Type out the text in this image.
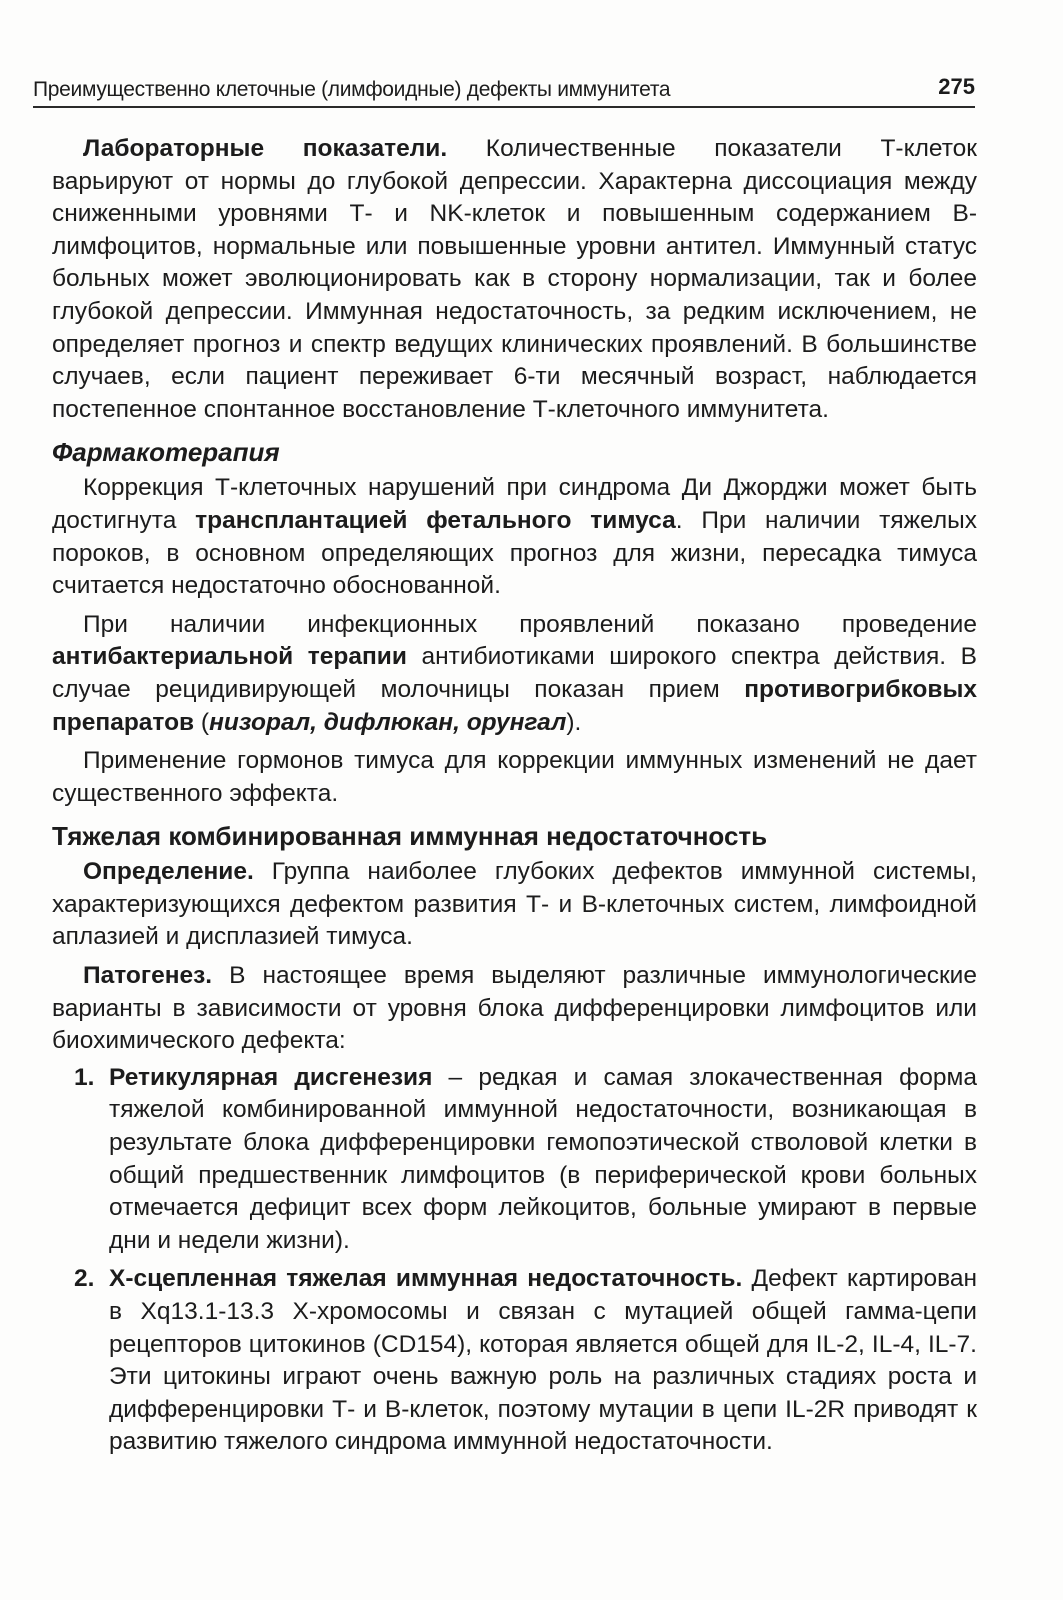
Преимущественно клеточные (лимфоидные) дефекты иммунитета	275

Лабораторные показатели. Количественные показатели Т-клеток варьируют от нормы до глубокой депрессии. Характерна диссоциация между сниженными уровнями Т- и NK-клеток и повышенным содержанием В-лимфоцитов, нормальные или повышенные уровни антител. Иммунный статус больных может эволюционировать как в сторону нормализации, так и более глубокой депрессии. Иммунная недостаточность, за редким исключением, не определяет прогноз и спектр ведущих клинических проявлений. В большинстве случаев, если пациент переживает 6-ти месячный возраст, наблюдается постепенное спонтанное восстановление Т-клеточного иммунитета.

Фармакотерапия

Коррекция Т-клеточных нарушений при синдрома Ди Джорджи может быть достигнута трансплантацией фетального тимуса. При наличии тяжелых пороков, в основном определяющих прогноз для жизни, пересадка тимуса считается недостаточно обоснованной.

При наличии инфекционных проявлений показано проведение антибактериальной терапии антибиотиками широкого спектра действия. В случае рецидивирующей молочницы показан прием противогрибковых препаратов (низорал, дифлюкан, орунгал).

Применение гормонов тимуса для коррекции иммунных изменений не дает существенного эффекта.

Тяжелая комбинированная иммунная недостаточность

Определение. Группа наиболее глубоких дефектов иммунной системы, характеризующихся дефектом развития Т- и В-клеточных систем, лимфоидной аплазией и дисплазией тимуса.

Патогенез. В настоящее время выделяют различные иммунологические варианты в зависимости от уровня блока дифференцировки лимфоцитов или биохимического дефекта:

1. Ретикулярная дисгенезия – редкая и самая злокачественная форма тяжелой комбинированной иммунной недостаточности, возникающая в результате блока дифференцировки гемопоэтической стволовой клетки в общий предшественник лимфоцитов (в периферической крови больных отмечается дефицит всех форм лейкоцитов, больные умирают в первые дни и недели жизни).
2. Х-сцепленная тяжелая иммунная недостаточность. Дефект картирован в Xq13.1-13.3 Х-хромосомы и связан с мутацией общей гамма-цепи рецепторов цитокинов (CD154), которая является общей для IL-2, IL-4, IL-7. Эти цитокины играют очень важную роль на различных стадиях роста и дифференцировки Т- и В-клеток, поэтому мутации в цепи IL-2R приводят к развитию тяжелого синдрома иммунной недостаточности.
